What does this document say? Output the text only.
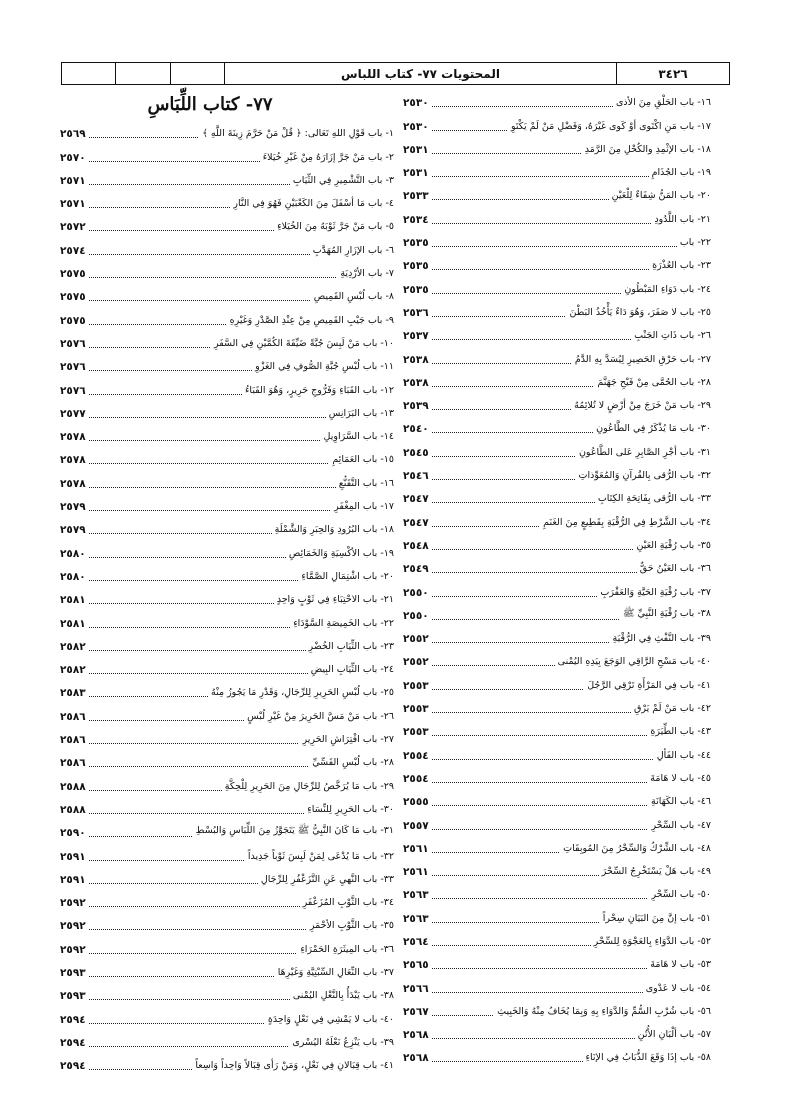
٣٤٢٦
المحتويات ٧٧- كتاب اللباس
٧٧- كتاب اللِّبَاسِ	١٦- باب الحَلْقِ مِنَ الأذى
٢٥٣٠
١٧- باب مَنِ اكْتَوى أوْ كَوى غَيْرَهُ، وَفَضْلِ مَنْ لَمْ يَكْتَوِ
٢٥٣٠
١٨- باب الإثْمِدِ والكُحْلِ مِنَ الرَّمَدِ
٢٥٣١
١٩- باب الجُذَامِ
٢٥٣١
٢٠- باب المَنُّ شِفَاءٌ لِلْعَيْنِ
٢٥٣٣
٢١- باب اللَّدُودِ
٢٥٣٤
٢٢- باب
٢٥٣٥
٢٣- باب العُذْرَةِ
٢٥٣٥
٢٤- باب دَوَاءِ المَبْطُونِ
٢٥٣٥
٢٥- باب لا صَفَرَ، وَهُوَ دَاءٌ يَأْخُذُ البَطْنَ
٢٥٣٦
٢٦- باب ذَاتِ الجَنْبِ
٢٥٣٧
٢٧- باب حَرْقِ الحَصِيرِ لِيُسَدَّ بِهِ الدَّمُ
٢٥٣٨
٢٨- باب الحُمَّى مِنْ فَيْحِ جَهَنَّمَ
٢٥٣٨
٢٩- باب مَنْ خَرَجَ مِنْ أرْضٍ لا تُلائِمُهُ
٢٥٣٩
٣٠- باب مَا يُذْكَرُ فِي الطَّاعُونِ
٢٥٤٠
٣١- باب أجْرِ الصَّابِرِ عَلى الطَّاعُونِ
٢٥٤٥
٣٢- باب الرُّقى بِالقُرآنِ وَالمُعَوِّذاتِ
٢٥٤٦
٣٣- باب الرُّقى بِفَاتِحَةِ الكِتَابِ
٢٥٤٧
٣٤- باب الشَّرْطِ فِي الرُّقْيَةِ بِقَطِيعٍ مِنَ الغَنَمِ
٢٥٤٧
٣٥- باب رُقْيَةِ العَيْنِ
٢٥٤٨
٣٦- باب العَيْنُ حَقٌّ
٢٥٤٩
٣٧- باب رُقْيَةِ الحَيَّةِ وَالعَقْرَبِ
٢٥٥٠
٣٨- باب رُقْيَةِ النَّبِيِّ ﷺ
٢٥٥٠
٣٩- باب النَّفْثِ فِي الرُّقْيَةِ
٢٥٥٢
٤٠- باب مَسْحِ الرَّاقِي الوَجَعَ بِيَدِهِ اليُمْنى
٢٥٥٢
٤١- باب فِي المَرْأَةِ تَرْقِي الرَّجُلَ
٢٥٥٣
٤٢- باب مَنْ لَمْ يَرْقِ
٢٥٥٣
٤٣- باب الطِّيَرَةِ
٢٥٥٣
٤٤- باب الفَألِ
٢٥٥٤
٤٥- باب لا هَامَةَ
٢٥٥٤
٤٦- باب الكَهَانَةِ
٢٥٥٥
٤٧- باب السِّحْرِ
٢٥٥٧
٤٨- باب الشِّرْكُ وَالسِّحْرُ مِنَ المُوبِقَاتِ
٢٥٦١
٤٩- باب هَلْ يَسْتَخْرِجُ السِّحْرَ
٢٥٦١
٥٠- باب السِّحْرِ
٢٥٦٣
٥١- باب إنَّ مِنَ البَيَانِ سِحْراً
٢٥٦٣
٥٢- باب الدَّوَاءِ بِالعَجْوَةِ لِلسِّحْرِ
٢٥٦٤
٥٣- باب لا هَامَةَ
٢٥٦٥
٥٤- باب لا عَدْوى
٢٥٦٦
٥٦- باب شُرْبِ السُّمِّ وَالدَّوَاءِ بِهِ وَبِمَا يُخَافُ مِنْهُ وَالخَبِيثِ
٢٥٦٧
٥٧- باب ألْبَانِ الأُتُنِ
٢٥٦٨
٥٨- باب إذَا وَقَعَ الذُّبَابُ فِي الإنَاءِ
٢٥٦٨
١- باب قَوْلِ اللهِ تَعَالى: ﴿ قُلْ مَنْ حَرَّمَ زِينَةَ اللَّهِ ﴾
٢٥٦٩
٢- باب مَنْ جَرَّ إزَارَهُ مِنْ غَيْرِ خُيَلاءَ
٢٥٧٠
٣- باب التَّشْمِيرِ فِي الثِّيَابِ
٢٥٧١
٤- باب مَا أسْفَلَ مِنَ الكَعْبَيْنِ فَهُوَ فِي النَّارِ
٢٥٧١
٥- باب مَنْ جَرَّ ثَوْبَهُ مِنَ الخُيَلاءِ
٢٥٧٢
٦- باب الإزَارِ المُهَدَّبِ
٢٥٧٤
٧- باب الأرْدِيَةِ
٢٥٧٥
٨- باب لُبْسِ القَمِيصِ
٢٥٧٥
٩- باب جَيْبِ القَمِيصِ مِنْ عِنْدِ الصَّدْرِ وَغَيْرِهِ
٢٥٧٥
١٠- باب مَنْ لَبِسَ جُبَّةً ضَيِّقَةَ الكُمَّيْنِ فِي السَّفَرِ
٢٥٧٦
١١- باب لُبْسِ جُبَّةِ الصُّوفِ فِي الغَزْوِ
٢٥٧٦
١٢- باب القَبَاءِ وَفَرُّوجِ حَرِيرٍ، وَهُوَ القَبَاءُ
٢٥٧٦
١٣- باب البَرَانِسِ
٢٥٧٧
١٤- باب السَّرَاوِيلِ
٢٥٧٨
١٥- باب العَمَائِمِ
٢٥٧٨
١٦- باب التَّقَنُّعِ
٢٥٧٨
١٧- باب المِغْفَرِ
٢٥٧٩
١٨- باب البُرُودِ وَالحِبَرِ وَالشَّمْلَةِ
٢٥٧٩
١٩- باب الأكْسِيَةِ وَالخَمَائِصِ
٢٥٨٠
٢٠- باب اشْتِمَالِ الصَّمَّاءِ
٢٥٨٠
٢١- باب الاحْتِبَاءِ فِي ثَوْبٍ وَاحِدٍ
٢٥٨١
٢٢- باب الخَمِيصَةِ السَّوْدَاءِ
٢٥٨١
٢٣- باب الثِّيَابِ الخُضْرِ
٢٥٨٢
٢٤- باب الثِّيَابِ البِيضِ
٢٥٨٢
٢٥- باب لُبْسِ الحَرِيرِ لِلرِّجَالِ، وَقَدْرِ مَا يَجُوزُ مِنْهُ
٢٥٨٣
٢٦- باب مَنْ مَسَّ الحَرِيرَ مِنْ غَيْرِ لُبْسٍ
٢٥٨٦
٢٧- باب افْتِرَاشِ الحَرِيرِ
٢٥٨٦
٢٨- باب لُبْسِ القَسِّيِّ
٢٥٨٦
٢٩- باب مَا يُرَخَّصُ لِلرِّجَالِ مِنَ الحَرِيرِ لِلْحِكَّةِ
٢٥٨٨
٣٠- باب الحَرِيرِ لِلنِّسَاءِ
٢٥٨٨
٣١- باب مَا كَانَ النَّبِيُّ ﷺ يَتَجَوَّزُ مِنَ اللِّبَاسِ وَالبُسْطِ
٢٥٩٠
٣٢- باب مَا يُدْعَى لِمَنْ لَبِسَ ثَوْباً جَدِيداً
٢٥٩١
٣٣- باب النَّهيِ عَنِ التَّزَعْفُرِ لِلرِّجَالِ
٢٥٩١
٣٤- باب الثَّوْبِ المُزَعْفَرِ
٢٥٩٢
٣٥- باب الثَّوْبِ الأحْمَرِ
٢٥٩٢
٣٦- باب المِيثَرَةِ الحَمْرَاءِ
٢٥٩٢
٣٧- باب النِّعَالِ السِّبْتِيَّةِ وَغَيْرِهَا
٢٥٩٣
٣٨- باب يَبْدَأُ بِالنَّعْلِ اليُمْنى
٢٥٩٣
٤٠- باب لا يَمْشِي فِي نَعْلٍ وَاحِدَةٍ
٢٥٩٤
٣٩- باب يَنْزِعُ نَعْلَهُ اليُسْرى
٢٥٩٤
٤١- باب قِبَالانِ فِي نَعْلٍ، وَمَنْ رَأى قِبَالاً وَاحِداً وَاسِعاً
٢٥٩٤
